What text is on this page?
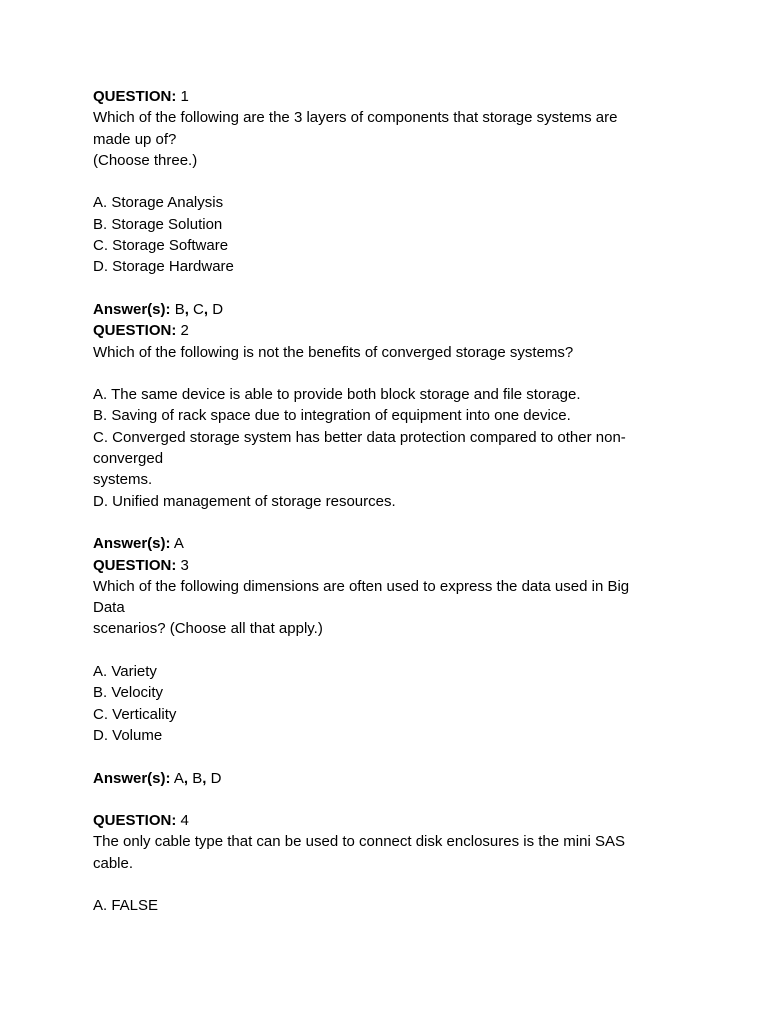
QUESTION: 1
Which of the following are the 3 layers of components that storage systems are
made up of?
(Choose three.)
A. Storage Analysis
B. Storage Solution
C. Storage Software
D. Storage Hardware
Answer(s): B, C, D
QUESTION: 2
Which of the following is not the benefits of converged storage systems?
A. The same device is able to provide both block storage and file storage.
B. Saving of rack space due to integration of equipment into one device.
C. Converged storage system has better data protection compared to other non-
converged
systems.
D. Unified management of storage resources.
Answer(s): A
QUESTION: 3
Which of the following dimensions are often used to express the data used in Big
Data
scenarios? (Choose all that apply.)
A. Variety
B. Velocity
C. Verticality
D. Volume
Answer(s): A, B, D
QUESTION: 4
The only cable type that can be used to connect disk enclosures is the mini SAS
cable.
A. FALSE
